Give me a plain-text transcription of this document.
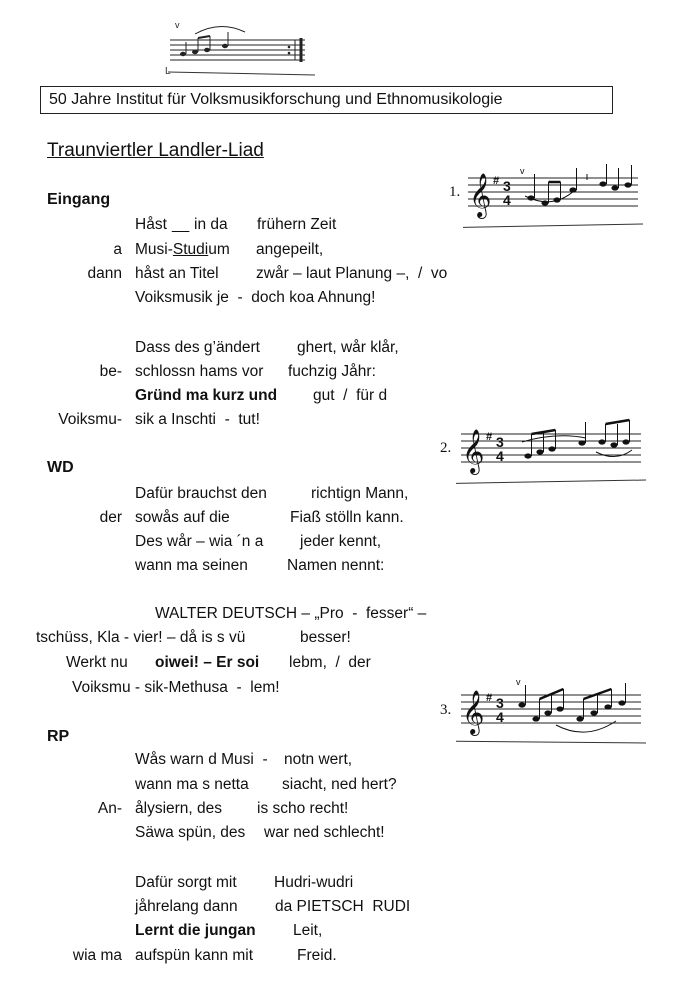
v
L
50 Jahre Institut für Volksmusikforschung und Ethnomusikologie
Traunviertler Landler-Liad
1. 𝄞 # 3
4
v
2. 𝄞 # 3
4
3. 𝄞 # 3
4
v
Eingang
Håst __ in da frühern Zeit
a Musi-Studium angepeilt,
dann håst an Titel zwår – laut Planung –,  /  vo
Voiksmusik je  -  doch koa Ahnung!
Dass des g’ändert ghert, wår klår,
be- schlossn hams vor fuchzig Jåhr:
Gründ ma kurz und gut  /  für d
Voiksmu- sik a Inschti  -  tut!
WD
Dafür brauchst den	richtign Mann,
der sowås auf die	Fiaß stölln kann.
Des wår – wia ´n a jeder kennt,
wann ma seinen	Namen nennt:
WALTER DEUTSCH – „Pro  -  fesser“ –
tschüss, Kla - vier! – då is s vü	besser!
Werkt nu oiwei! – Er soi lebm,  /  der
Voiksmu - sik-Methusa  -  lem!
RP
Wås warn d Musi  - notn wert,
wann ma s netta siacht, ned hert?
An- ålysiern, des is scho recht!
Säwa spün, des war ned schlecht!
Dafür sorgt mit Hudri-wudri
jåhrelang dann da PIETSCH  RUDI
Lernt die jungan Leit,
wia ma aufspün kann mit	Freid.
